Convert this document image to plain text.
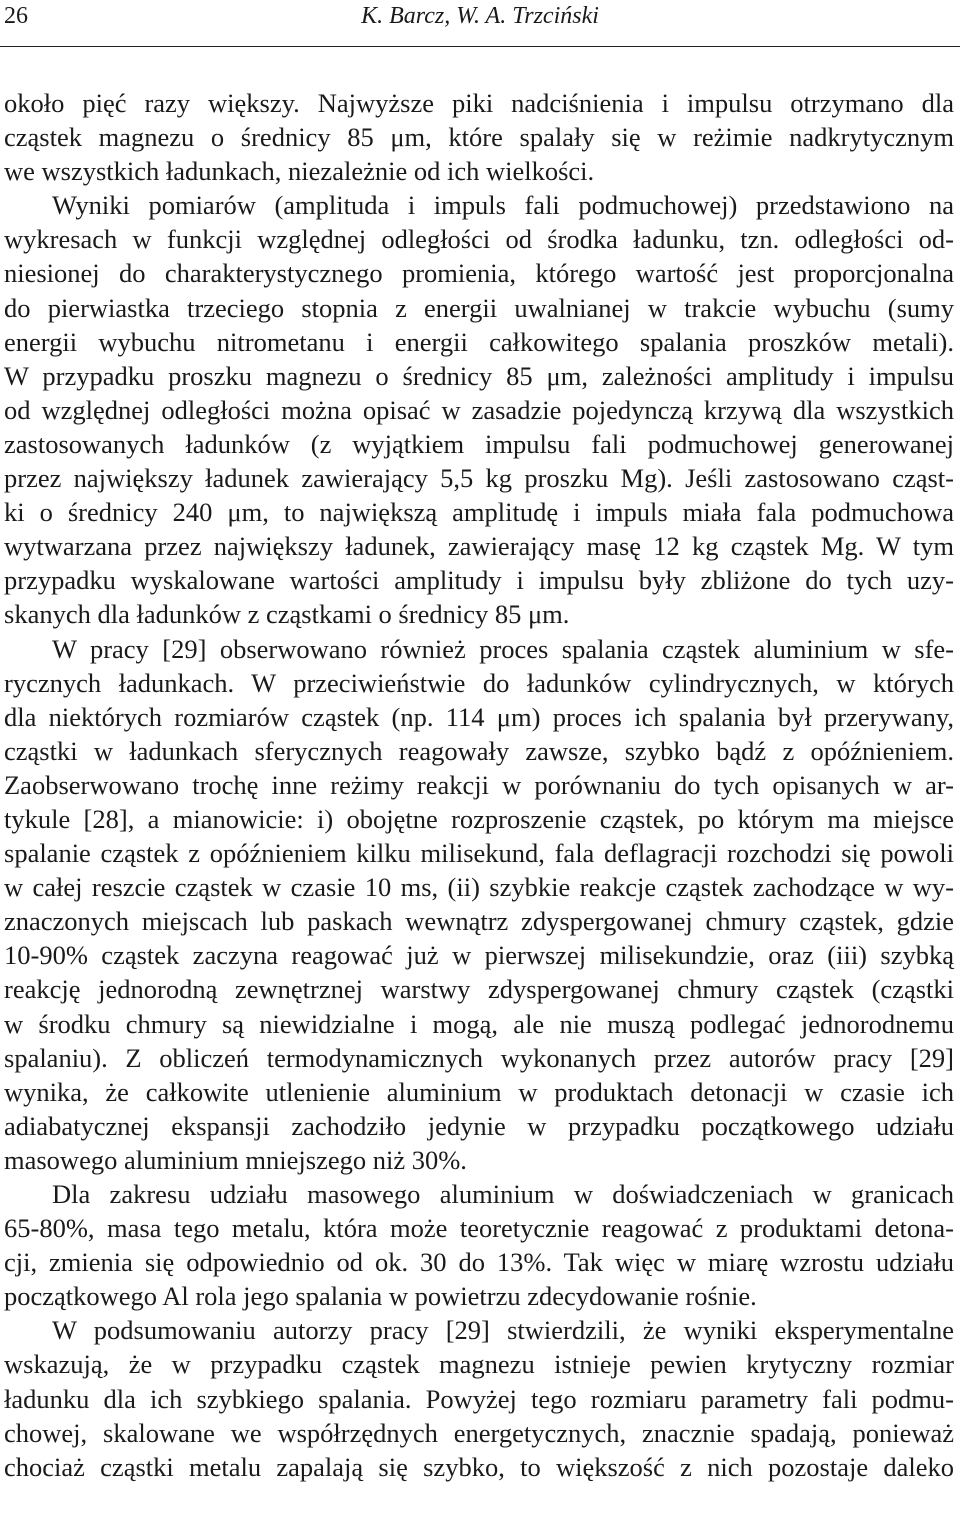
26	K. Barcz, W. A. Trzciński
około pięć razy większy. Najwyższe piki nadciśnienia i impulsu otrzymano dla
cząstek magnezu o średnicy 85 μm, które spalały się w reżimie nadkrytycznym
we wszystkich ładunkach, niezależnie od ich wielkości.
Wyniki pomiarów (amplituda i impuls fali podmuchowej) przedstawiono na
wykresach w funkcji względnej odległości od środka ładunku, tzn. odległości od-
niesionej do charakterystycznego promienia, którego wartość jest proporcjonalna
do pierwiastka trzeciego stopnia z energii uwalnianej w trakcie wybuchu (sumy
energii wybuchu nitrometanu i energii całkowitego spalania proszków metali).
W przypadku proszku magnezu o średnicy 85 μm, zależności amplitudy i impulsu
od względnej odległości można opisać w zasadzie pojedynczą krzywą dla wszystkich
zastosowanych ładunków (z wyjątkiem impulsu fali podmuchowej generowanej
przez największy ładunek zawierający 5,5 kg proszku Mg). Jeśli zastosowano cząst-
ki o średnicy 240 μm, to największą amplitudę i impuls miała fala podmuchowa
wytwarzana przez największy ładunek, zawierający masę 12 kg cząstek Mg. W tym
przypadku wyskalowane wartości amplitudy i impulsu były zbliżone do tych uzy-
skanych dla ładunków z cząstkami o średnicy 85 μm.
W pracy [29] obserwowano również proces spalania cząstek aluminium w sfe-
rycznych ładunkach. W przeciwieństwie do ładunków cylindrycznych, w których
dla niektórych rozmiarów cząstek (np. 114 μm) proces ich spalania był przerywany,
cząstki w ładunkach sferycznych reagowały zawsze, szybko bądź z opóźnieniem.
Zaobserwowano trochę inne reżimy reakcji w porównaniu do tych opisanych w ar-
tykule [28], a mianowicie: i) obojętne rozproszenie cząstek, po którym ma miejsce
spalanie cząstek z opóźnieniem kilku milisekund, fala deflagracji rozchodzi się powoli
w całej reszcie cząstek w czasie 10 ms, (ii) szybkie reakcje cząstek zachodzące w wy-
znaczonych miejscach lub paskach wewnątrz zdyspergowanej chmury cząstek, gdzie
10-90% cząstek zaczyna reagować już w pierwszej milisekundzie, oraz (iii) szybką
reakcję jednorodną zewnętrznej warstwy zdyspergowanej chmury cząstek (cząstki
w środku chmury są niewidzialne i mogą, ale nie muszą podlegać jednorodnemu
spalaniu). Z obliczeń termodynamicznych wykonanych przez autorów pracy [29]
wynika, że całkowite utlenienie aluminium w produktach detonacji w czasie ich
adiabatycznej ekspansji zachodziło jedynie w przypadku początkowego udziału
masowego aluminium mniejszego niż 30%.
Dla zakresu udziału masowego aluminium w doświadczeniach w granicach
65-80%, masa tego metalu, która może teoretycznie reagować z produktami detona-
cji, zmienia się odpowiednio od ok. 30 do 13%. Tak więc w miarę wzrostu udziału
początkowego Al rola jego spalania w powietrzu zdecydowanie rośnie.
W podsumowaniu autorzy pracy [29] stwierdzili, że wyniki eksperymentalne
wskazują, że w przypadku cząstek magnezu istnieje pewien krytyczny rozmiar
ładunku dla ich szybkiego spalania. Powyżej tego rozmiaru parametry fali podmu-
chowej, skalowane we współrzędnych energetycznych, znacznie spadają, ponieważ
chociaż cząstki metalu zapalają się szybko, to większość z nich pozostaje daleko
